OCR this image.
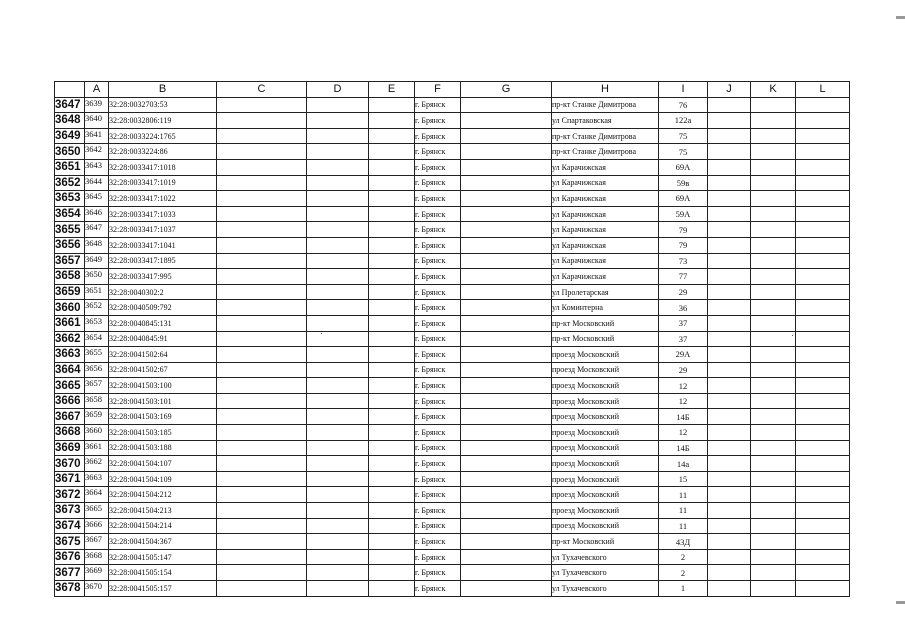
	A	B	C	D	E	F	G	H	I	J	K	L
3647	3639	32:28:0032703:53				г. Брянск		пр-кт Станке Димитрова	76			
3648	3640	32:28:0032806:119				г. Брянск		ул Спартаковская	122а			
3649	3641	32:28:0033224:1765				г. Брянск		пр-кт Станке Димитрова	75			
3650	3642	32:28:0033224:86				г. Брянск		пр-кт Станке Димитрова	75			
3651	3643	32:28:0033417:1018				г. Брянск		ул Карачижская	69А			
3652	3644	32:28:0033417:1019				г. Брянск		ул Карачижская	59в			
3653	3645	32:28:0033417:1022				г. Брянск		ул Карачижская	69А			
3654	3646	32:28:0033417:1033				г. Брянск		ул Карачижская	59А			
3655	3647	32:28:0033417:1037				г. Брянск		ул Карачижская	79			
3656	3648	32:28:0033417:1041				г. Брянск		ул Карачижская	79			
3657	3649	32:28:0033417:1895				г. Брянск		ул Карачижская	73			
3658	3650	32:28:0033417:995				г. Брянск		ул Карачижская	77			
3659	3651	32:28:0040302:2				г. Брянск		ул Пролетарская	29			
3660	3652	32:28:0040509:792				г. Брянск		ул Коминтерна	36			
3661	3653	32:28:0040845:131				г. Брянск		пр-кт Московский	37			
3662	3654	32:28:0040845:91				г. Брянск		пр-кт Московский	37			
3663	3655	32:28:0041502:64				г. Брянск		проезд Московский	29А			
3664	3656	32:28:0041502:67				г. Брянск		проезд Московский	29			
3665	3657	32:28:0041503:100				г. Брянск		проезд Московский	12			
3666	3658	32:28:0041503:101				г. Брянск		проезд Московский	12			
3667	3659	32:28:0041503:169				г. Брянск		проезд Московский	14Б			
3668	3660	32:28:0041503:185				г. Брянск		проезд Московский	12			
3669	3661	32:28:0041503:188				г. Брянск		проезд Московский	14Б			
3670	3662	32:28:0041504:107				г. Брянск		проезд Московский	14а			
3671	3663	32:28:0041504:109				г. Брянск		проезд Московский	15			
3672	3664	32:28:0041504:212				г. Брянск		проезд Московский	11			
3673	3665	32:28:0041504:213				г. Брянск		проезд Московский	11			
3674	3666	32:28:0041504:214				г. Брянск		проезд Московский	11			
3675	3667	32:28:0041504:367				г. Брянск		пр-кт Московский	43Д			
3676	3668	32:28:0041505:147				г. Брянск		ул Тухачевского	2			
3677	3669	32:28:0041505:154				г. Брянск		ул Тухачевского	2			
3678	3670	32:28:0041505:157				г. Брянск		ул Тухачевского	1			
